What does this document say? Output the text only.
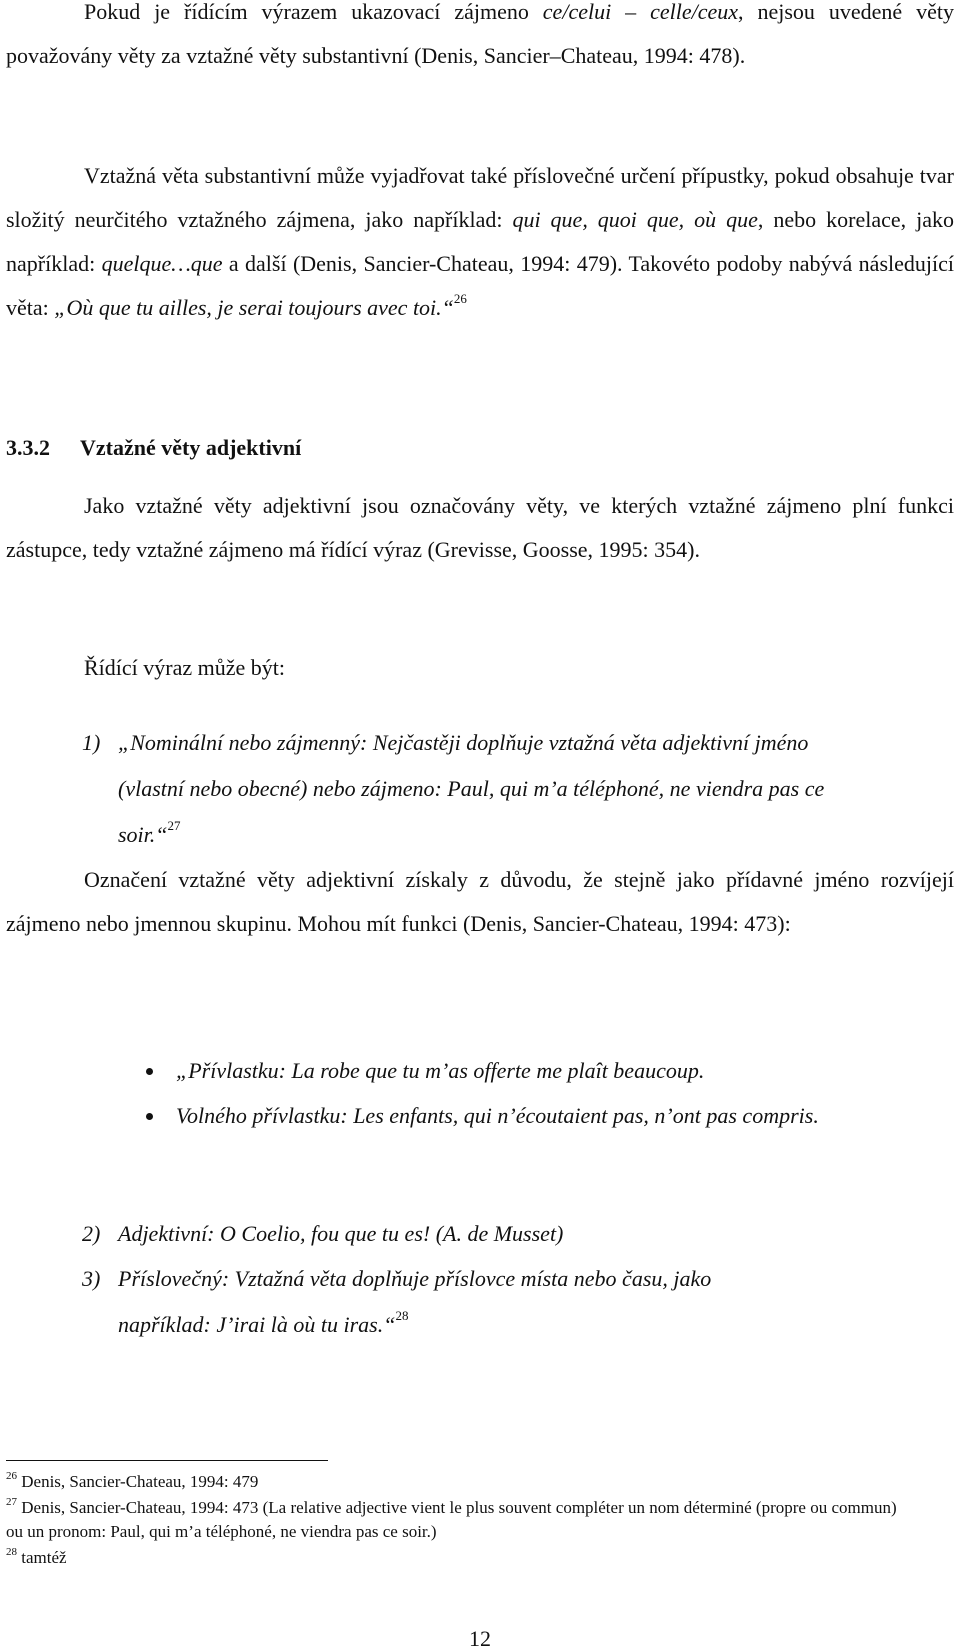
Pokud je řídícím výrazem ukazovací zájmeno ce/celui – celle/ceux, nejsou uvedené věty považovány věty za vztažné věty substantivní (Denis, Sancier–Chateau, 1994: 478).

Vztažná věta substantivní může vyjadřovat také příslovečné určení přípustky, pokud obsahuje tvar složitý neurčitého vztažného zájmena, jako například: qui que, quoi que, où que, nebo korelace, jako například: quelque…que a další (Denis, Sancier-Chateau, 1994: 479). Takovéto podoby nabývá následující věta: „Où que tu ailles, je serai toujours avec toi.“$^{26}$

3.3.2 Vztažné věty adjektivní

Jako vztažné věty adjektivní jsou označovány věty, ve kterých vztažné zájmeno plní funkci zástupce, tedy vztažné zájmeno má řídící výraz (Grevisse, Goosse, 1995: 354).

Řídící výraz může být:

1) „Nominální nebo zájmenný: Nejčastěji doplňuje vztažná věta adjektivní jméno (vlastní nebo obecné) nebo zájmeno: Paul, qui m’a téléphoné, ne viendra pas ce soir.“$^{27}$

Označení vztažné věty adjektivní získaly z důvodu, že stejně jako přídavné jméno rozvíjejí zájmeno nebo jmennou skupinu. Mohou mít funkci (Denis, Sancier-Chateau, 1994: 473):

„Přívlastku: La robe que tu m’as offerte me plaît beaucoup.
Volného přívlastku: Les enfants, qui n’écoutaient pas, n’ont pas compris.
2) Adjektivní: O Coelio, fou que tu es! (A. de Musset)
3) Příslovečný: Vztažná věta doplňuje příslovce místa nebo času, jako například: J’irai là où tu iras.“$^{28}$
$^{26}$ Denis, Sancier-Chateau, 1994: 479
$^{27}$ Denis, Sancier-Chateau, 1994: 473 (La relative adjective vient le plus souvent compléter un nom déterminé (propre ou commun) ou un pronom: Paul, qui m’a téléphoné, ne viendra pas ce soir.)
$^{28}$ tamtéž
12
